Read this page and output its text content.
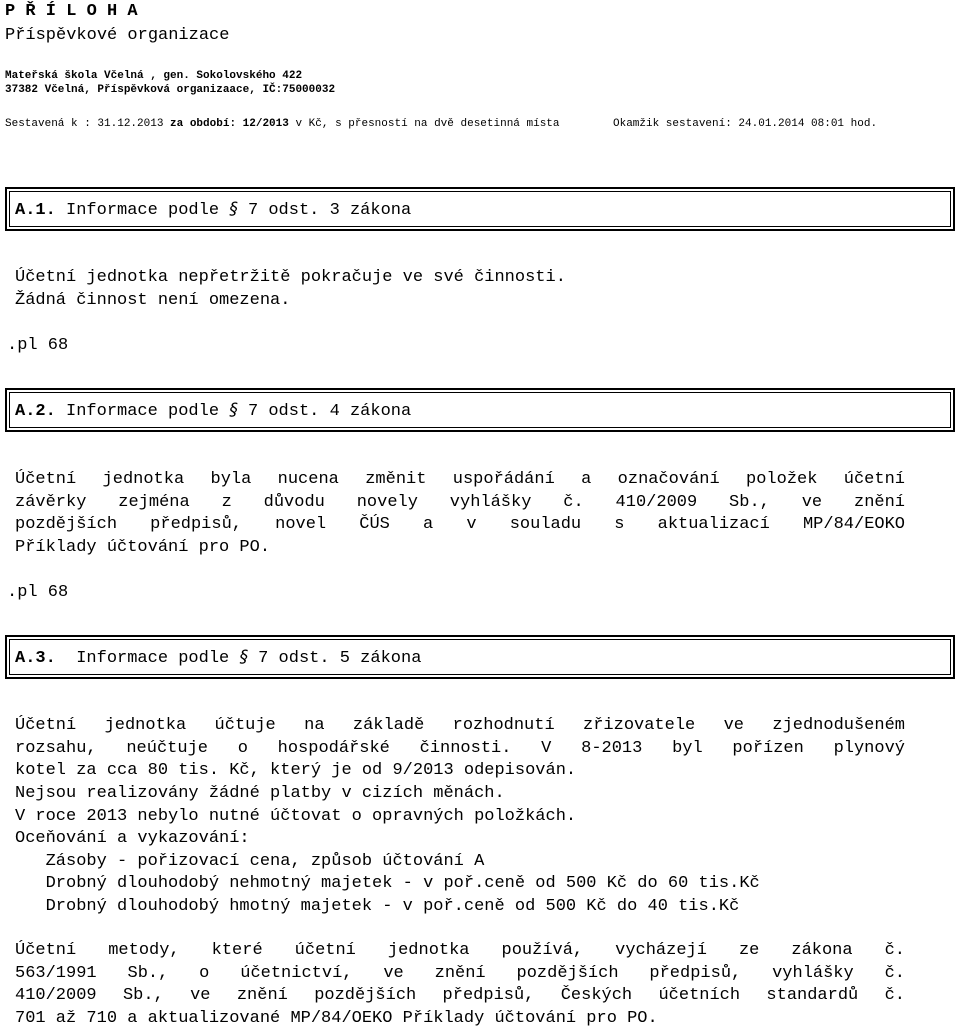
P Ř Í L O H A
Příspěvkové organizace
Mateřská škola Včelná , gen. Sokolovského 422
37382 Včelná, Příspěvková organizaace, IČ:75000032
Sestavená k : 31.12.2013 za období: 12/2013 v Kč, s přesností na dvě desetinná místa	Okamžik sestavení: 24.01.2014 08:01 hod.
A.1. Informace podle § 7 odst. 3 zákona
Účetní jednotka nepřetržitě pokračuje ve své činnosti.
Žádná činnost není omezena.
.pl 68
A.2. Informace podle § 7 odst. 4 zákona
Účetní jednotka byla nucena změnit uspořádání a označování položek účetní
závěrky zejména z důvodu novely vyhlášky č. 410/2009 Sb., ve znění
pozdějších předpisů, novel ČÚS a v souladu s aktualizací MP/84/EOKO
Příklady účtování pro PO.
.pl 68
A.3.  Informace podle § 7 odst. 5 zákona
Účetní jednotka účtuje na základě rozhodnutí zřizovatele ve zjednodušeném
rozsahu, neúčtuje o hospodářské činnosti. V 8-2013 byl pořízen plynový
kotel za cca 80 tis. Kč, který je od 9/2013 odepisován.
Nejsou realizovány žádné platby v cizích měnách.
V roce 2013 nebylo nutné účtovat o opravných položkách.
Oceňování a vykazování:
Zásoby - pořizovací cena, způsob účtování A
Drobný dlouhodobý nehmotný majetek - v poř.ceně od 500 Kč do 60 tis.Kč
Drobný dlouhodobý hmotný majetek - v poř.ceně od 500 Kč do 40 tis.Kč
Účetní metody, které účetní jednotka používá, vycházejí ze zákona č.
563/1991 Sb., o účetnictví, ve znění pozdějších předpisů, vyhlášky č.
410/2009 Sb., ve znění pozdějších předpisů, Českých účetních standardů č.
701 až 710 a aktualizované MP/84/OEKO Příklady účtování pro PO.
